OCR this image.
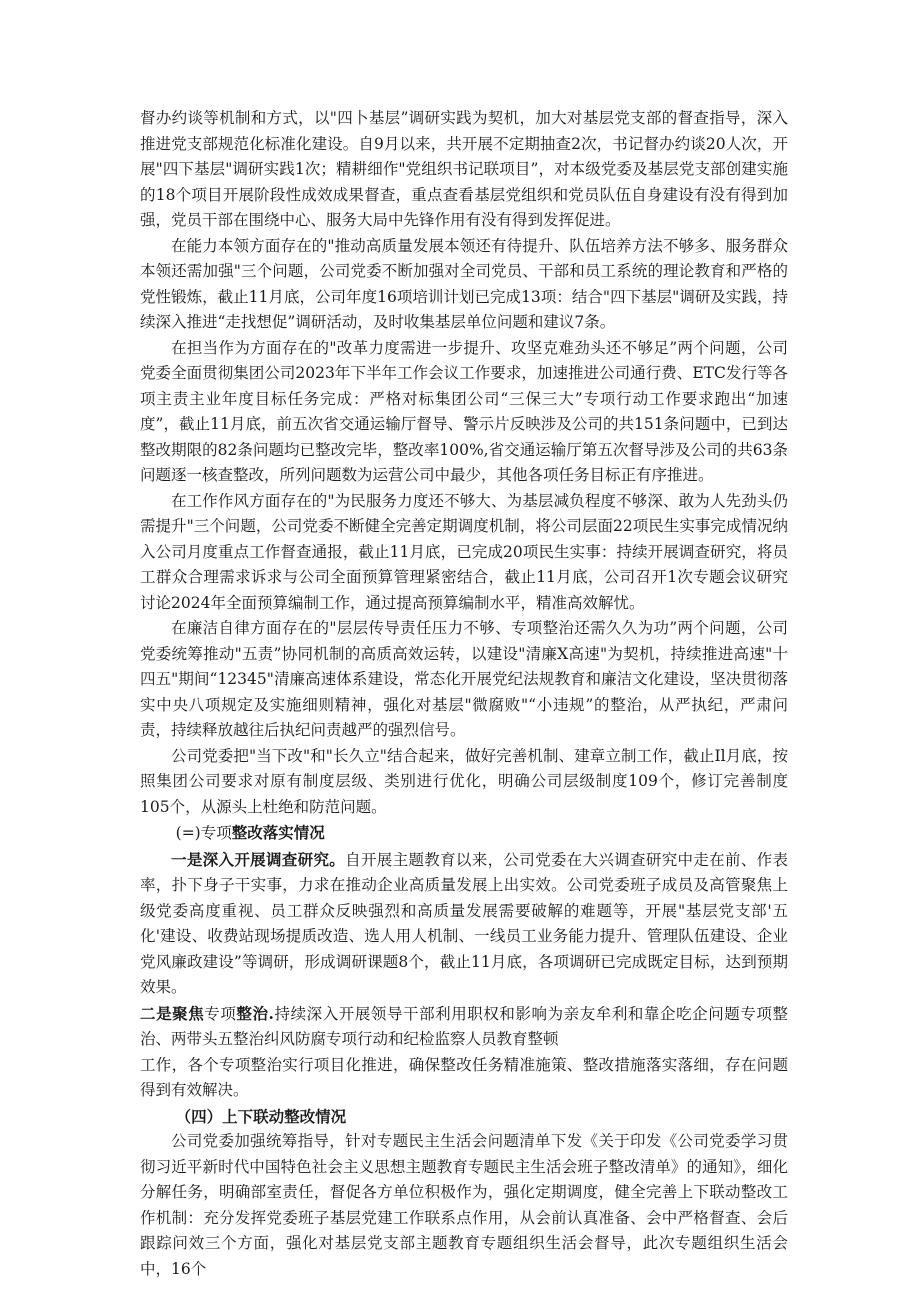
督办约谈等机制和方式，以"四卜基层”调研实践为契机，加大对基层党支部的督查指导，深入推进党支部规范化标准化建设。自9月以来，共开展不定期抽查2次，书记督办约谈20人次，开展"四下基层"调研实践1次；精耕细作"党组织书记联项目”，对本级党委及基层党支部创建实施的18个项目开展阶段性成效成果督查，重点查看基层党组织和党员队伍自身建设有没有得到加强，党员干部在围绕中心、服务大局中先锋作用有没有得到发挥促进。

在能力本领方面存在的"推动高质量发展本领还有待提升、队伍培养方法不够多、服务群众本领还需加强"三个问题，公司党委不断加强对全司党员、干部和员工系统的理论教育和严格的党性锻炼，截止11月底，公司年度16项培训计划已完成13项：结合"四下基层"调研及实践，持续深入推进“走找想促”调研活动，及时收集基层单位问题和建议7条。

在担当作为方面存在的"改革力度需进一步提升、攻坚克难劲头还不够足”两个问题，公司党委全面贯彻集团公司2023年下半年工作会议工作要求，加速推进公司通行费、ETC发行等各项主责主业年度目标任务完成：严格对标集团公司“三保三大”专项行动工作要求跑出“加速度”，截止11月底，前五次省交通运输厅督导、警示片反映涉及公司的共151条问题中，已到达整改期限的82条问题均已整改完毕，整改率100%,省交通运输厅第五次督导涉及公司的共63条问题逐一核查整改，所列问题数为运营公司中最少，其他各项任务目标正有序推进。

在工作作风方面存在的"为民服务力度还不够大、为基层减负程度不够深、敢为人先劲头仍需提升"三个问题，公司党委不断健全完善定期调度机制，将公司层面22项民生实事完成情况纳入公司月度重点工作督查通报，截止11月底，已完成20项民生实事：持续开展调查研究，将员工群众合理需求诉求与公司全面预算管理紧密结合，截止11月底，公司召开1次专题会议研究讨论2024年全面预算编制工作，通过提高预算编制水平，精准高效解忧。

在廉洁自律方面存在的"层层传导责任压力不够、专项整治还需久久为功”两个问题，公司党委统筹推动"五责”协同机制的高质高效运转，以建设"清廉X高速"为契机，持续推进高速"十四五"期间“12345"清廉高速体系建设，常态化开展党纪法规教育和廉洁文化建设，坚决贯彻落实中央八项规定及实施细则精神，强化对基层"微腐败"“小违规”的整治，从严执纪，严肃问责，持续释放越往后执纪问责越严的强烈信号。

公司党委把"当下改"和"长久立"结合起来，做好完善机制、建章立制工作，截止Il月底，按照集团公司要求对原有制度层级、类别进行优化，明确公司层级制度109个，修订完善制度105个，从源头上杜绝和防范问题。

(=)专项整改落实情况

一是深入开展调查研究。自开展主题教育以来，公司党委在大兴调查研究中走在前、作表率，扑下身子干实事，力求在推动企业高质量发展上出实效。公司党委班子成员及高管聚焦上级党委高度重视、员工群众反映强烈和高质量发展需要破解的难题等，开展"基层党支部'五化'建设、收费站现场提质改造、选人用人机制、一线员工业务能力提升、管理队伍建设、企业党风廉政建设”等调研，形成调研课题8个，截止11月底，各项调研已完成既定目标，达到预期效果。

二是聚焦专项整治.持续深入开展领导干部利用职权和影响为亲友牟利和靠企吃企问题专项整治、两带头五整治纠风防腐专项行动和纪检监察人员教育整顿

工作，各个专项整治实行项目化推进，确保整改任务精准施策、整改措施落实落细，存在问题得到有效解决。

（四）上下联动整改情况

公司党委加强统筹指导，针对专题民主生活会问题清单下发《关于印发《公司党委学习贯彻习近平新时代中国特色社会主义思想主题教育专题民主生活会班子整改清单》的通知》，细化分解任务，明确部室责任，督促各方单位积极作为，强化定期调度，健全完善上下联动整改工作机制：充分发挥党委班子基层党建工作联系点作用，从会前认真准备、会中严格督查、会后跟踪问效三个方面，强化对基层党支部主题教育专题组织生活会督导，此次专题组织生活会中，16个
